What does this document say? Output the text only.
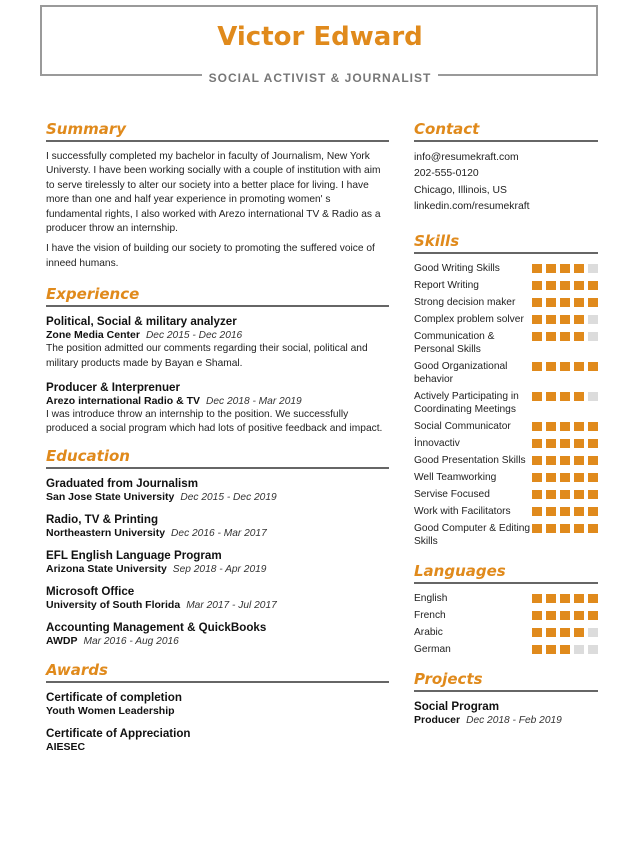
Victor Edward
SOCIAL ACTIVIST & JOURNALIST
Summary

I successfully completed my bachelor in faculty of Journalism, New York Universty. I have been working socially with a couple of institution with aim to serve tirelessly to alter our society into a better place for living. I have more than one and half year experience in promoting women' s fundamental rights, I also worked with Arezo international TV & Radio as a producer throw an internship.

I have the vision of building our society to promoting the suffered voice of inneed humans.

Experience
Political, Social & military analyzer
Zone Media Center Dec 2015 - Dec 2016

The position admitted our comments regarding their social, political and military products made by Bayan e Shamal.

Producer & Interprenuer
Arezo international Radio & TV Dec 2018 - Mar 2019

I was introduce throw an internship to the position. We successfully produced a social program which had lots of positive feedback and impact.

Education
Graduated from Journalism
San Jose State University Dec 2015 - Dec 2019
Radio, TV & Printing
Northeastern University Dec 2016 - Mar 2017
EFL English Language Program
Arizona State University Sep 2018 - Apr 2019
Microsoft Office
University of South Florida Mar 2017 - Jul 2017
Accounting Management & QuickBooks
AWDP Mar 2016 - Aug 2016
Awards
Certificate of completion
Youth Women Leadership
Certificate of Appreciation
AIESEC
Contact
info@resumekraft.com
202-555-0120
Chicago, Illinois, US
linkedin.com/resumekraft
Skills
Good Writing Skills
Report Writing
Strong decision maker
Complex problem solver
Communication & Personal Skills
Good Organizational behavior
Actively Participating in Coordinating Meetings
Social Communicator
İnnovactiv
Good Presentation Skills
Well Teamworking
Servise Focused
Work with Facilitators
Good Computer & Editing Skills
Languages
English
French
Arabic
German
Projects
Social Program
Producer Dec 2018 - Feb 2019
